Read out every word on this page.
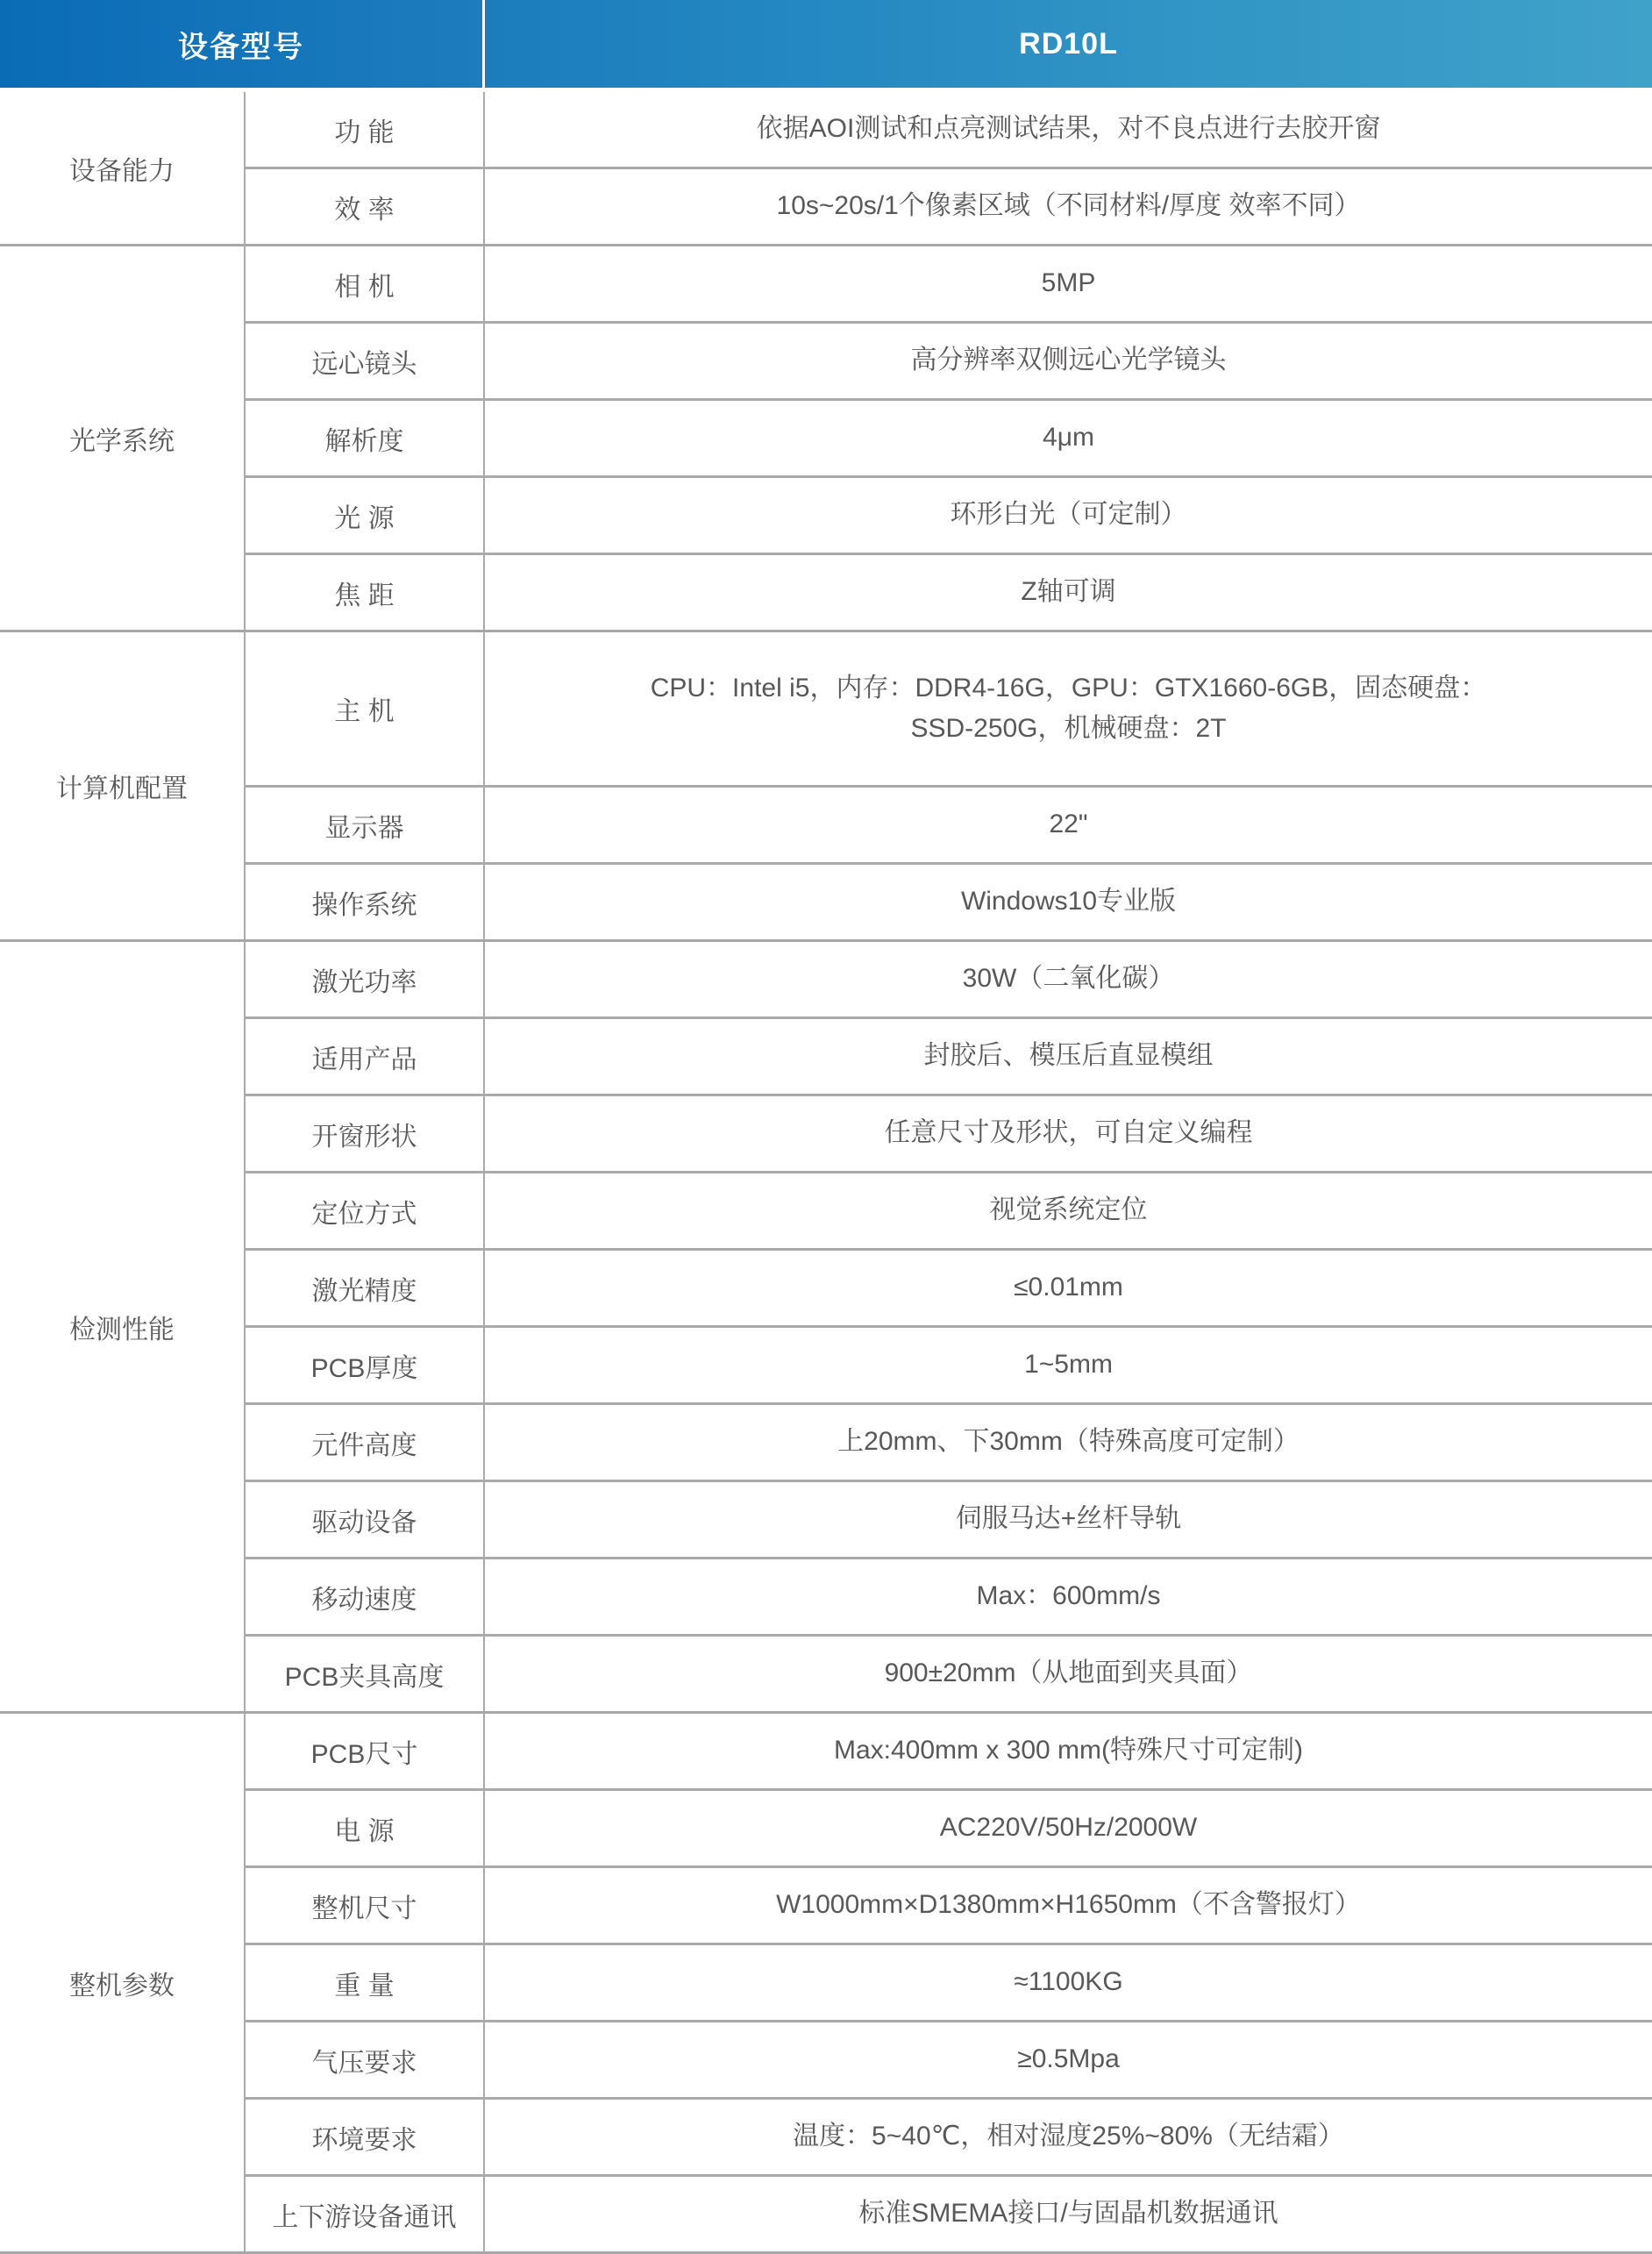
设备型号	RD10L
设备能力
功 能	依据AOI测试和点亮测试结果，对不良点进行去胶开窗
效 率	10s~20s/1个像素区域（不同材料/厚度 效率不同）
光学系统
相 机	5MP
远心镜头	高分辨率双侧远心光学镜头
解析度	4μm
光 源	环形白光（可定制）
焦 距	Z轴可调
计算机配置
主 机
CPU：Intel i5，内存：DDR4-16G，GPU：GTX1660-6GB，固态硬盘：
SSD-250G，机械硬盘：2T
显示器	22"
操作系统	Windows10专业版
检测性能
激光功率	30W（二氧化碳）
适用产品	封胶后、模压后直显模组
开窗形状	任意尺寸及形状，可自定义编程
定位方式	视觉系统定位
激光精度	≤0.01mm
PCB厚度	1~5mm
元件高度	上20mm、下30mm（特殊高度可定制）
驱动设备	伺服马达+丝杆导轨
移动速度	Max：600mm/s
PCB夹具高度	900±20mm（从地面到夹具面）
整机参数
PCB尺寸	Max:400mm x 300 mm(特殊尺寸可定制)
电 源	AC220V/50Hz/2000W
整机尺寸	W1000mm×D1380mm×H1650mm（不含警报灯）
重 量	≈1100KG
气压要求	≥0.5Mpa
环境要求	温度：5~40℃，相对湿度25%~80%（无结霜）
上下游设备通讯	标准SMEMA接口/与固晶机数据通讯
